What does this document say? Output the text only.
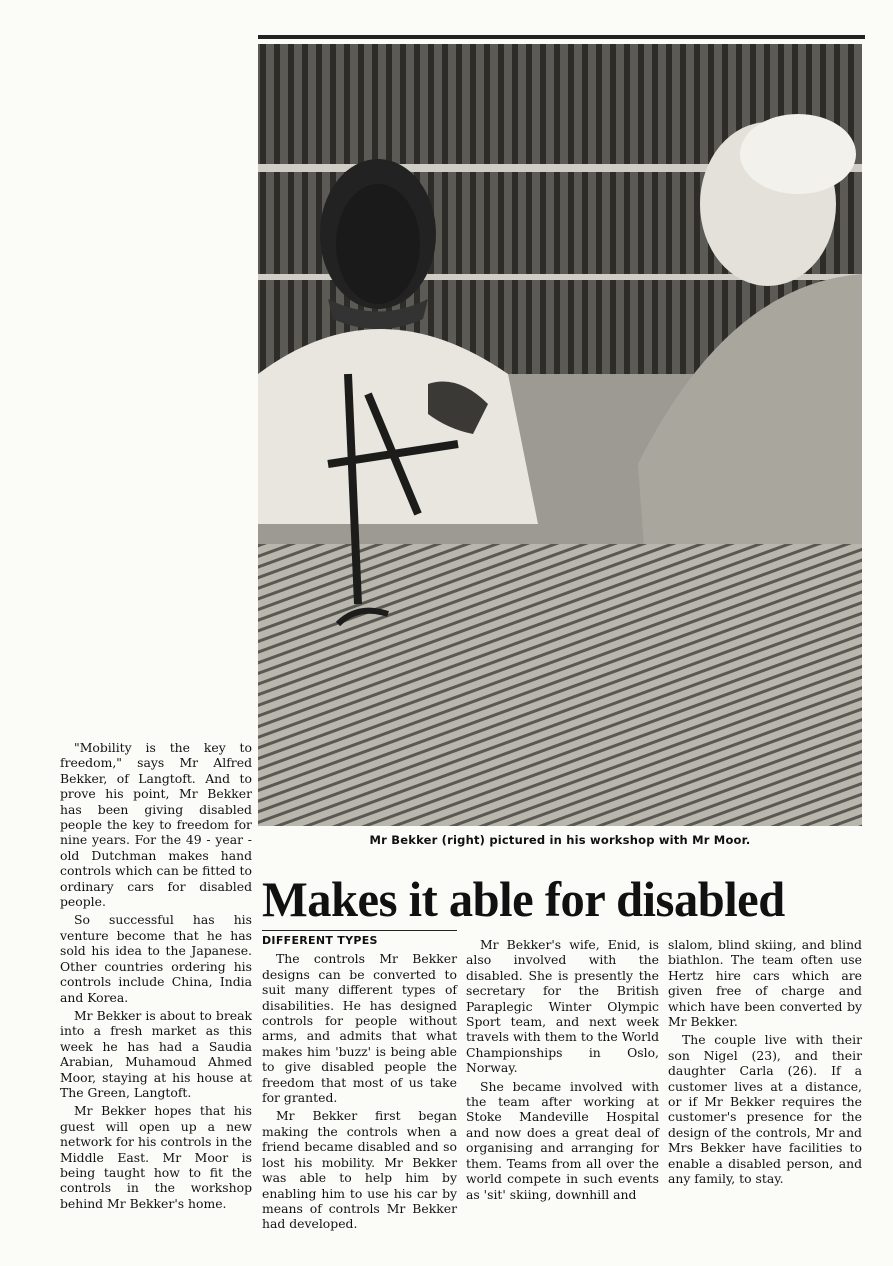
Mr Bekker (right) pictured in his workshop with Mr Moor.
Makes it able for disabled

"Mobility is the key to freedom," says Mr Alfred Bekker, of Langtoft. And to prove his point, Mr Bekker has been giving disabled people the key to freedom for nine years. For the 49 - year - old Dutchman makes hand controls which can be fitted to ordinary cars for disabled people.

So successful has his venture become that he has sold his idea to the Japanese. Other countries ordering his controls include China, India and Korea.

Mr Bekker is about to break into a fresh market as this week he has had a Saudia Arabian, Muhamoud Ahmed Moor, staying at his house at The Green, Langtoft.

Mr Bekker hopes that his guest will open up a new network for his controls in the Middle East. Mr Moor is being taught how to fit the controls in the workshop behind Mr Bekker's home.

DIFFERENT TYPES

The controls Mr Bekker designs can be converted to suit many different types of disabilities. He has designed controls for people without arms, and admits that what makes him 'buzz' is being able to give disabled people the freedom that most of us take for granted.

Mr Bekker first began making the controls when a friend became disabled and so lost his mobility. Mr Bekker was able to help him by enabling him to use his car by means of controls Mr Bekker had developed.

Mr Bekker's wife, Enid, is also involved with the disabled. She is presently the secretary for the British Paraplegic Winter Olympic Sport team, and next week travels with them to the World Championships in Oslo, Norway.

She became involved with the team after working at Stoke Mandeville Hospital and now does a great deal of organising and arranging for them. Teams from all over the world compete in such events as 'sit' skiing, downhill and

slalom, blind skiing, and blind biathlon. The team often use Hertz hire cars which are given free of charge and which have been converted by Mr Bekker.

The couple live with their son Nigel (23), and their daughter Carla (26). If a customer lives at a distance, or if Mr Bekker requires the customer's presence for the design of the controls, Mr and Mrs Bekker have facilities to enable a disabled person, and any family, to stay.
